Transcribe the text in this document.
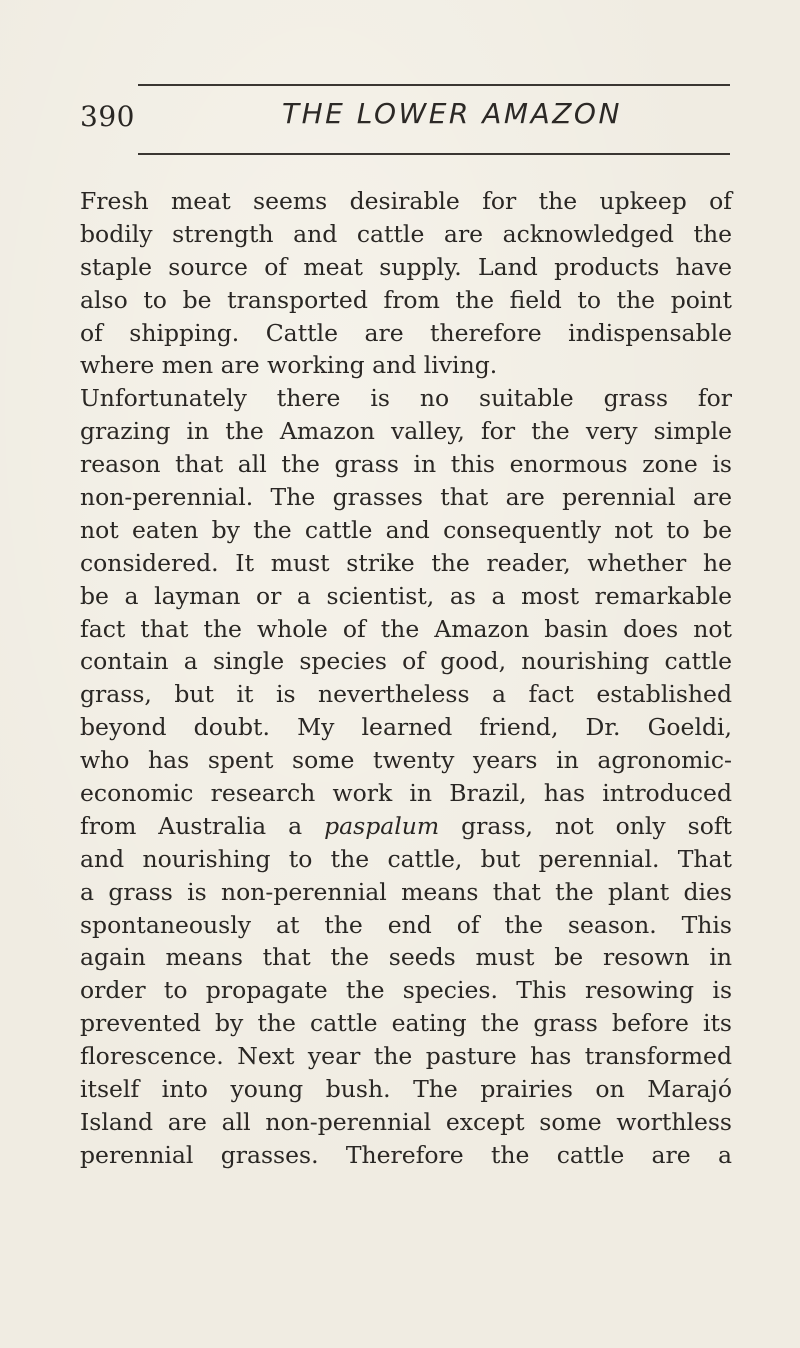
390	THE LOWER AMAZON
Fresh meat seems desirable for the upkeep of
bodily strength and cattle are acknowledged the
staple source of meat supply. Land products have
also to be transported from the field to the point
of shipping. Cattle are therefore indispensable
where men are working and living.
Unfortunately there is no suitable grass for
grazing in the Amazon valley, for the very simple
reason that all the grass in this enormous zone is
non-perennial. The grasses that are perennial are
not eaten by the cattle and consequently not to be
considered. It must strike the reader, whether he
be a layman or a scientist, as a most remarkable
fact that the whole of the Amazon basin does not
contain a single species of good, nourishing cattle
grass, but it is nevertheless a fact established
beyond doubt. My learned friend, Dr. Goeldi,
who has spent some twenty years in agronomic-
economic research work in Brazil, has introduced
from Australia a paspalum grass, not only soft
and nourishing to the cattle, but perennial. That
a grass is non-perennial means that the plant dies
spontaneously at the end of the season. This
again means that the seeds must be resown in
order to propagate the species. This resowing is
prevented by the cattle eating the grass before its
florescence. Next year the pasture has transformed
itself into young bush. The prairies on Marajó
Island are all non-perennial except some worthless
perennial grasses. Therefore the cattle are a
